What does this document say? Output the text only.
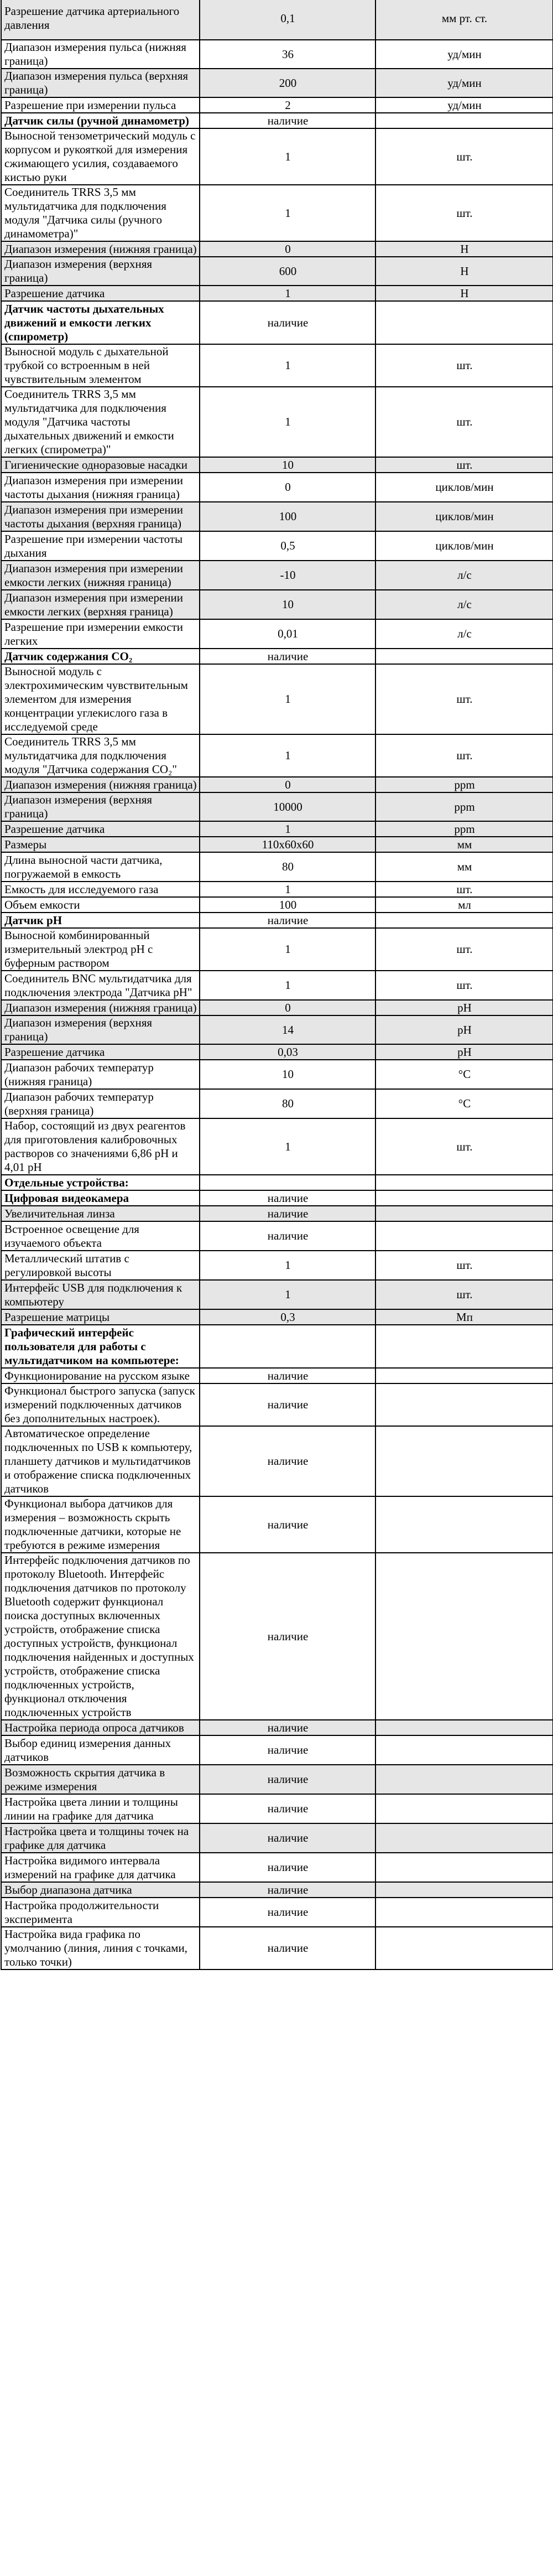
Разрешение датчика артериального давления	0,1	мм рт. ст.
Диапазон измерения пульса (нижняя граница)	36	уд/мин
Диапазон измерения пульса (верхняя граница)	200	уд/мин
Разрешение при измерении пульса	2	уд/мин
Датчик силы (ручной динамометр)	наличие	
Выносной тензометрический модуль с корпусом и рукояткой для измерения сжимающего усилия, создаваемого кистью руки	1	шт.
Соединитель TRRS 3,5 мм мультидатчика для подключения модуля "Датчика силы (ручного динамометра)"	1	шт.
Диапазон измерения (нижняя граница)	0	Н
Диапазон измерения (верхняя граница)	600	Н
Разрешение датчика	1	Н
Датчик частоты дыхательных движений и емкости легких (спирометр)	наличие	
Выносной модуль с дыхательной трубкой со встроенным в ней чувствительным элементом	1	шт.
Соединитель TRRS 3,5 мм мультидатчика для подключения модуля "Датчика частоты дыхательных движений и емкости легких (спирометра)"	1	шт.
Гигиенические одноразовые насадки	10	шт.
Диапазон измерения при измерении частоты дыхания (нижняя граница)	0	циклов/мин
Диапазон измерения при измерении частоты дыхания (верхняя граница)	100	циклов/мин
Разрешение при измерении частоты дыхания	0,5	циклов/мин
Диапазон измерения при измерении емкости легких (нижняя граница)	-10	л/с
Диапазон измерения при измерении емкости легких (верхняя граница)	10	л/с
Разрешение при измерении емкости легких	0,01	л/с
Датчик содержания CO₂	наличие	
Выносной модуль с электрохимическим чувствительным элементом для измерения концентрации углекислого газа в исследуемой среде	1	шт.
Соединитель TRRS 3,5 мм мультидатчика для подключения модуля "Датчика содержания CO₂"	1	шт.
Диапазон измерения (нижняя граница)	0	ppm
Диапазон измерения (верхняя граница)	10000	ppm
Разрешение датчика	1	ppm
Размеры	110x60x60	мм
Длина выносной части датчика, погружаемой в емкость	80	мм
Емкость для исследуемого газа	1	шт.
Объем емкости	100	мл
Датчик pH	наличие	
Выносной комбинированный измерительный электрод pH с буферным раствором	1	шт.
Соединитель BNC мультидатчика для подключения электрода "Датчика pH"	1	шт.
Диапазон измерения (нижняя граница)	0	pH
Диапазон измерения (верхняя граница)	14	pH
Разрешение датчика	0,03	pH
Диапазон рабочих температур (нижняя граница)	10	°С
Диапазон рабочих температур (верхняя граница)	80	°С
Набор, состоящий из двух реагентов для приготовления калибровочных растворов со значениями 6,86 pH и 4,01 pH	1	шт.
Отдельные устройства:		
Цифровая видеокамера	наличие	
Увеличительная линза	наличие	
Встроенное освещение для изучаемого объекта	наличие	
Металлический штатив с регулировкой высоты	1	шт.
Интерфейс USB для подключения к компьютеру	1	шт.
Разрешение матрицы	0,3	Мп
Графический интерфейс пользователя для работы с мультидатчиком на компьютере:		
Функционирование на русском языке	наличие	
Функционал быстрого запуска (запуск измерений подключенных датчиков без дополнительных настроек).	наличие	
Автоматическое определение подключенных по USB к компьютеру, планшету датчиков и мультидатчиков и отображение списка подключенных датчиков	наличие	
Функционал выбора датчиков для измерения – возможность скрыть подключенные датчики, которые не требуются в режиме измерения	наличие	
Интерфейс подключения датчиков по протоколу Bluetooth. Интерфейс подключения датчиков по протоколу Bluetooth содержит функционал поиска доступных включенных устройств, отображение списка доступных устройств, функционал подключения найденных и доступных устройств, отображение списка подключенных устройств, функционал отключения подключенных устройств	наличие	
Настройка периода опроса датчиков	наличие	
Выбор единиц измерения данных датчиков	наличие	
Возможность скрытия датчика в режиме измерения	наличие	
Настройка цвета линии и толщины линии на графике для датчика	наличие	
Настройка цвета и толщины точек на графике для датчика	наличие	
Настройка видимого интервала измерений на графике для датчика	наличие	
Выбор диапазона датчика	наличие	
Настройка продолжительности эксперимента	наличие	
Настройка вида графика по умолчанию (линия, линия с точками, только точки)	наличие	
